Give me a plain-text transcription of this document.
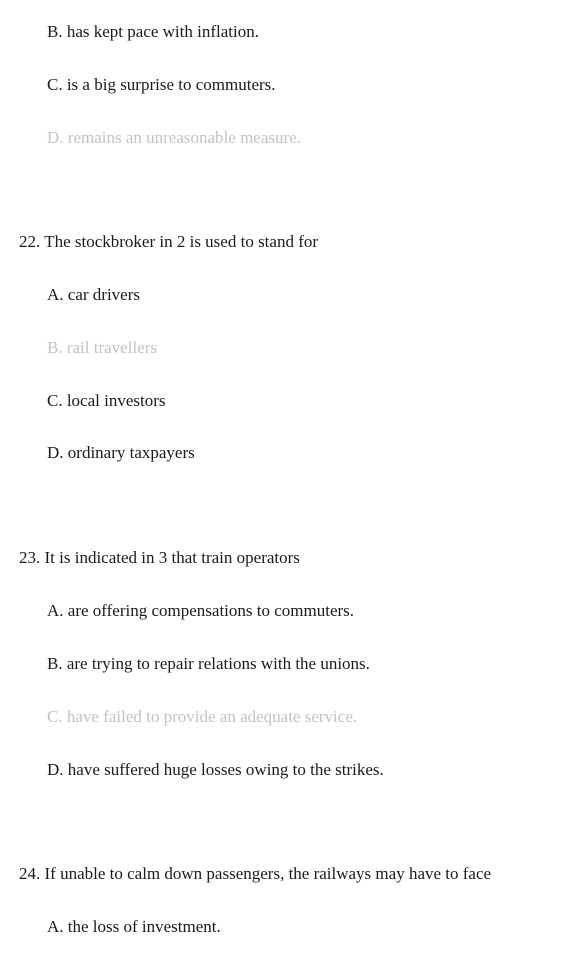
B. has kept pace with inflation.
C. is a big surprise to commuters.
D. remains an unreasonable measure.
22. The stockbroker in 2 is used to stand for
A. car drivers
B. rail travellers
C. local investors
D. ordinary taxpayers
23. It is indicated in 3 that train operators
A. are offering compensations to commuters.
B. are trying to repair relations with the unions.
C. have failed to provide an adequate service.
D. have suffered huge losses owing to the strikes.
24. If unable to calm down passengers, the railways may have to face
A. the loss of investment.
